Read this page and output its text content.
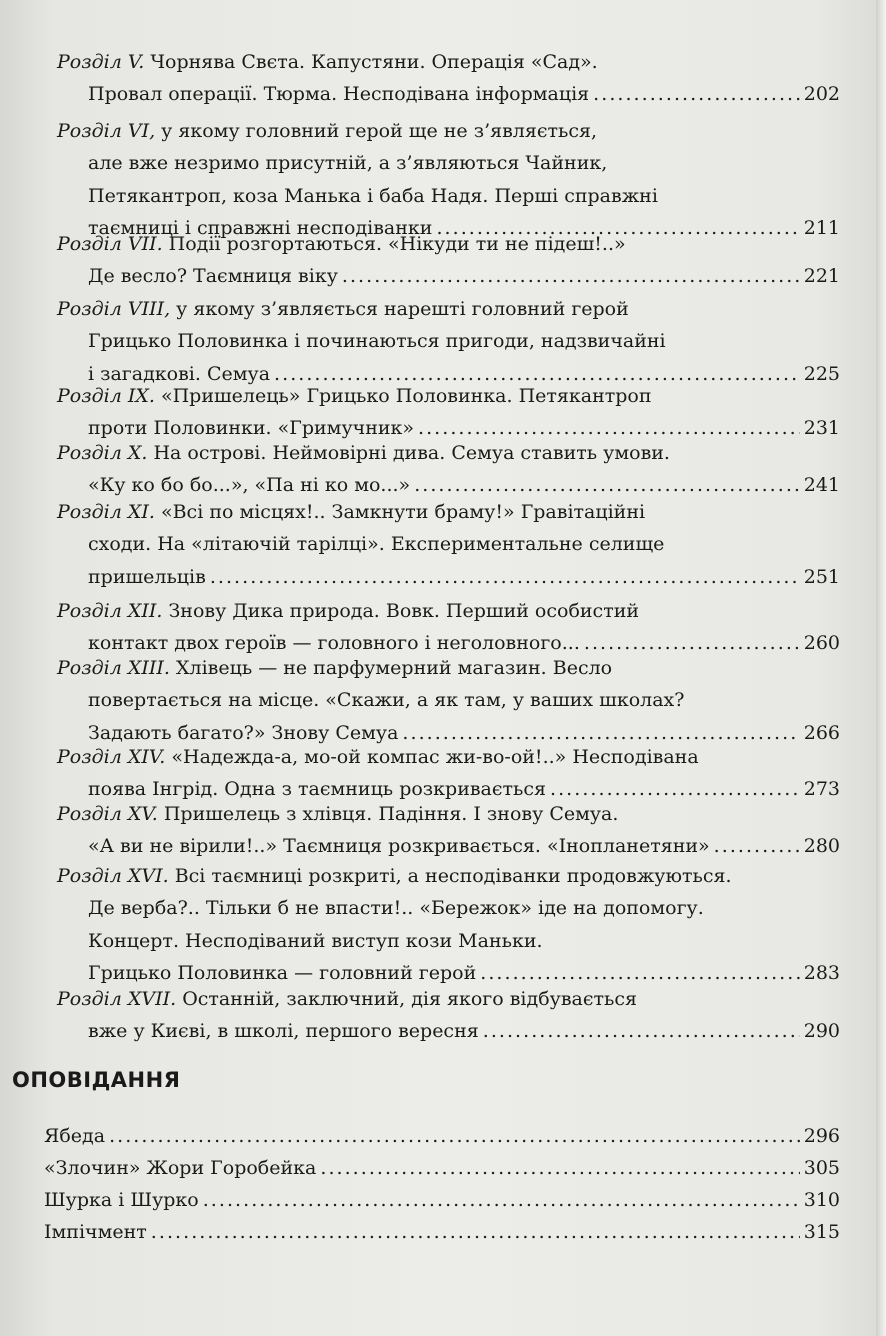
Розділ V.
Чорнява Свєта. Капустяни. Операція «Сад».
Провал операції. Тюрма. Несподівана інформація . . .	202
Розділ VI,
у якому головний герой ще не з’являється,
але вже незримо присутній, а з’являються Чайник,
Петякантроп, коза Манька і баба Надя. Перші справжні
таємниці і справжні несподіванки . . .	211
Розділ VII.
Події розгортаються. «Нікуди ти не підеш!..»
Де весло? Таємниця віку . . .	221
Розділ VIII,
у якому з’являється нарешті головний герой
Грицько Половинка і починаються пригоди, надзвичайні
і загадкові. Семуа . . .	225
Розділ IX.
«Пришелець» Грицько Половинка. Петякантроп
проти Половинки. «Гримучник» . . .	231
Розділ X.
На острові. Неймовірні дива. Семуа ставить умови.
«Ку ко бо бо...», «Па ні ко мо...» . . .	241
Розділ XI.
«Всі по місцях!.. Замкнути браму!» Гравітаційні
сходи. На «літаючій тарілці». Експериментальне селище
пришельців . . .	251
Розділ XII.
Знову Дика природа. Вовк. Перший особистий
контакт двох героїв — головного і неголовного... . . .	260
Розділ XIII.
Хлівець — не парфумерний магазин. Весло
повертається на місце. «Скажи, а як там, у ваших школах?
Задають багато?» Знову Семуа . . .	266
Розділ XIV.
«Надежда-а, мо-ой компас жи-во-ой!..» Несподівана
поява Інгрід. Одна з таємниць розкривається . . .	273
Розділ XV.
Пришелець з хлівця. Падіння. І знову Семуа.
«А ви не вірили!..» Таємниця розкривається. «Інопланетяни» . . .	280
Розділ XVI.
Всі таємниці розкриті, а несподіванки продовжуються.
Де верба?.. Тільки б не впасти!.. «Бережок» іде на допомогу.
Концерт. Несподіваний виступ кози Маньки.
Грицько Половинка — головний герой . . .	283
Розділ XVII.
Останній, заключний, дія якого відбувається
вже у Києві, в школі, першого вересня . . .	290
ОПОВІДАННЯ
Ябеда . . .	296
«Злочин» Жори Горобейка . . .	305
Шурка і Шурко . . .	310
Імпічмент . . .	315
